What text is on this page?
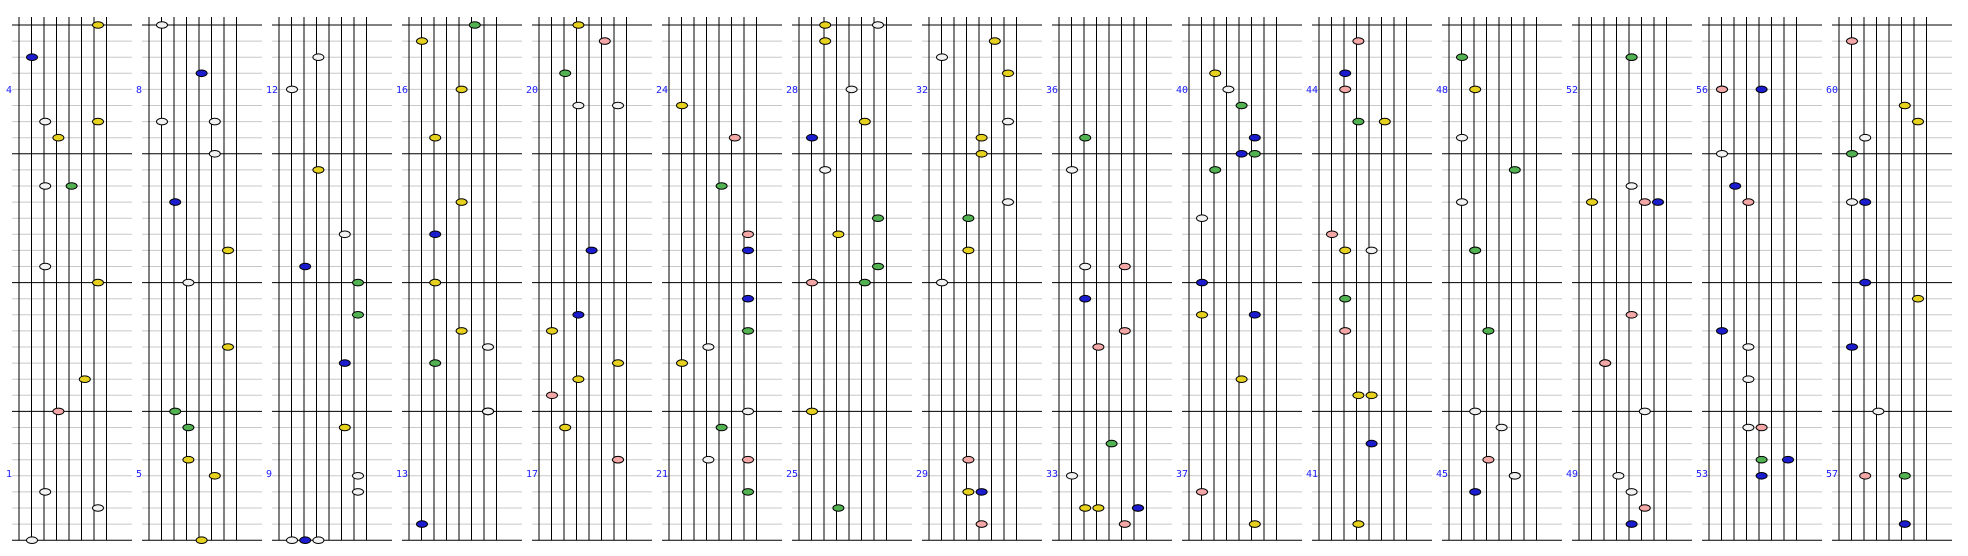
4
1
8
5
12
9
16
13
20
17
24
21
28
25
32
29
36
33
40
37
44
41
48
45
52
49
56
53
60
57
